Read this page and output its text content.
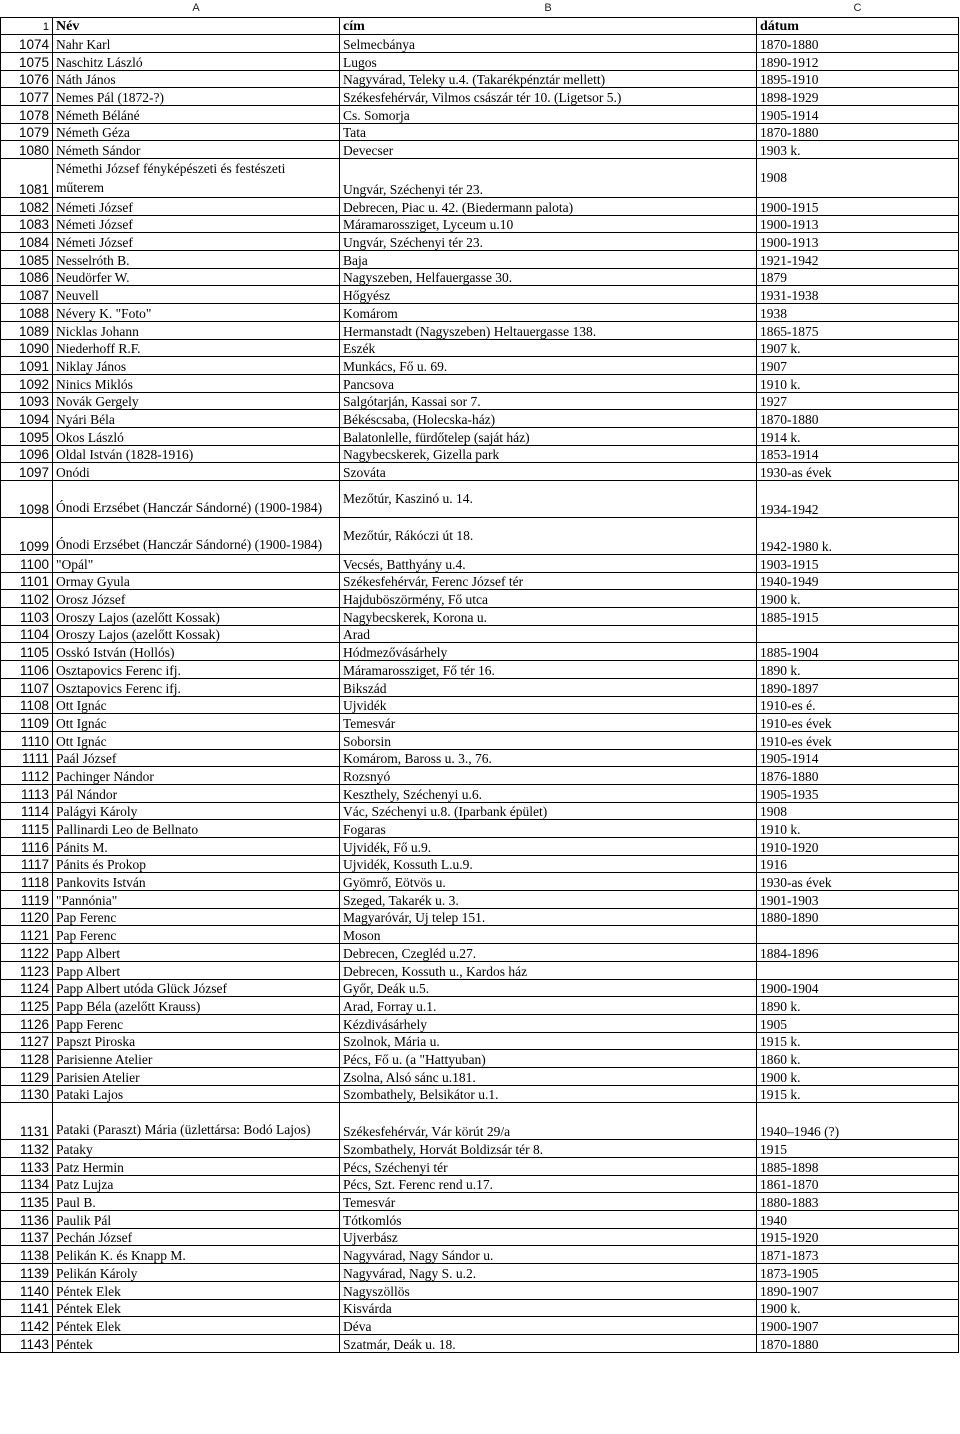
	A	B	C
1	Név	cím	dátum
1074	Nahr Karl	Selmecbánya	1870-1880
1075	Naschitz László	Lugos	1890-1912
1076	Náth János	Nagyvárad, Teleky u.4. (Takarékpénztár mellett)	1895-1910
1077	Nemes Pál (1872-?)	Székesfehérvár, Vilmos császár tér 10. (Ligetsor 5.)	1898-1929
1078	Németh Béláné	Cs. Somorja	1905-1914
1079	Németh Géza	Tata	1870-1880
1080	Németh Sándor	Devecser	1903 k.
1081	Némethi József fényképészeti és festészeti műterem	Ungvár, Széchenyi tér 23.	1908
1082	Németi József	Debrecen, Piac u. 42. (Biedermann palota)	1900-1915
1083	Németi József	Máramarossziget, Lyceum u.10	1900-1913
1084	Németi József	Ungvár, Széchenyi tér 23.	1900-1913
1085	Nesselróth B.	Baja	1921-1942
1086	Neudörfer W.	Nagyszeben, Helfauergasse 30.	1879
1087	Neuvell	Hőgyész	1931-1938
1088	Névery K. "Foto"	Komárom	1938
1089	Nicklas Johann	Hermanstadt (Nagyszeben) Heltauergasse 138.	1865-1875
1090	Niederhoff R.F.	Eszék	1907 k.
1091	Niklay János	Munkács, Fő u. 69.	1907
1092	Ninics Miklós	Pancsova	1910 k.
1093	Novák Gergely	Salgótarján, Kassai sor 7.	1927
1094	Nyári Béla	Békéscsaba, (Holecska-ház)	1870-1880
1095	Okos László	Balatonlelle, fürdőtelep (saját ház)	1914 k.
1096	Oldal István (1828-1916)	Nagybecskerek, Gizella park	1853-1914
1097	Onódi	Szováta	1930-as évek
1098	Ónodi Erzsébet (Hanczár Sándorné) (1900-1984)	Mezőtúr, Kaszinó u. 14.	1934-1942
1099	Ónodi Erzsébet (Hanczár Sándorné) (1900-1984)	Mezőtúr, Rákóczi út 18.	1942-1980 k.
1100	"Opál"	Vecsés, Batthyány u.4.	1903-1915
1101	Ormay Gyula	Székesfehérvár, Ferenc József tér	1940-1949
1102	Orosz József	Hajduböszörmény, Fő utca	1900 k.
1103	Oroszy Lajos (azelőtt Kossak)	Nagybecskerek, Korona u.	1885-1915
1104	Oroszy Lajos (azelőtt Kossak)	Arad	
1105	Osskó István (Hollós)	Hódmezővásárhely	1885-1904
1106	Osztapovics Ferenc ifj.	Máramarossziget, Fő tér 16.	1890 k.
1107	Osztapovics Ferenc ifj.	Bikszád	1890-1897
1108	Ott Ignác	Ujvidék	1910-es é.
1109	Ott Ignác	Temesvár	1910-es évek
1110	Ott Ignác	Soborsin	1910-es évek
1111	Paál József	Komárom, Baross u. 3., 76.	1905-1914
1112	Pachinger Nándor	Rozsnyó	1876-1880
1113	Pál Nándor	Keszthely, Széchenyi u.6.	1905-1935
1114	Palágyi Károly	Vác, Széchenyi u.8. (Iparbank épület)	1908
1115	Pallinardi Leo de Bellnato	Fogaras	1910 k.
1116	Pánits M.	Ujvidék, Fő u.9.	1910-1920
1117	Pánits és Prokop	Ujvidék, Kossuth L.u.9.	1916
1118	Pankovits István	Gyömrő, Eötvös u.	1930-as évek
1119	"Pannónia"	Szeged, Takarék u. 3.	1901-1903
1120	Pap Ferenc	Magyaróvár, Uj telep 151.	1880-1890
1121	Pap Ferenc	Moson	
1122	Papp Albert	Debrecen, Czegléd u.27.	1884-1896
1123	Papp Albert	Debrecen, Kossuth u., Kardos ház	
1124	Papp Albert utóda Glück József	Győr, Deák u.5.	1900-1904
1125	Papp Béla (azelőtt Krauss)	Arad, Forray u.1.	1890 k.
1126	Papp Ferenc	Kézdivásárhely	1905
1127	Papszt Piroska	Szolnok, Mária u.	1915 k.
1128	Parisienne Atelier	Pécs, Fő u. (a "Hattyuban)	1860 k.
1129	Parisien Atelier	Zsolna, Alsó sánc u.181.	1900 k.
1130	Pataki Lajos	Szombathely, Belsikátor u.1.	1915 k.
1131	Pataki (Paraszt) Mária (üzlettársa: Bodó Lajos)	Székesfehérvár, Vár körút 29/a	1940–1946 (?)
1132	Pataky	Szombathely, Horvát Boldizsár tér 8.	1915
1133	Patz Hermin	Pécs, Széchenyi tér	1885-1898
1134	Patz Lujza	Pécs, Szt. Ferenc rend u.17.	1861-1870
1135	Paul B.	Temesvár	1880-1883
1136	Paulik Pál	Tótkomlós	1940
1137	Pechán József	Ujverbász	1915-1920
1138	Pelikán K. és Knapp M.	Nagyvárad, Nagy Sándor u.	1871-1873
1139	Pelikán Károly	Nagyvárad, Nagy S. u.2.	1873-1905
1140	Péntek Elek	Nagyszöllös	1890-1907
1141	Péntek Elek	Kisvárda	1900 k.
1142	Péntek Elek	Déva	1900-1907
1143	Péntek	Szatmár, Deák u. 18.	1870-1880
